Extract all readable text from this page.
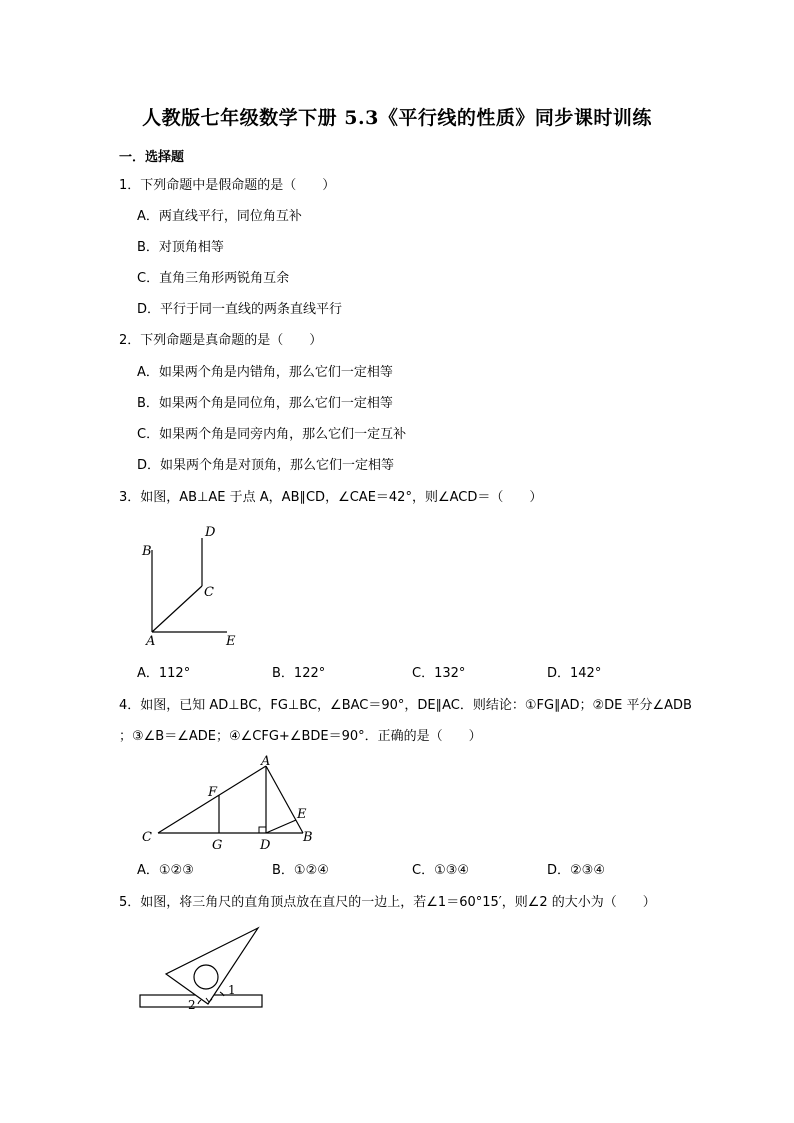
人教版七年级数学下册 5.3《平行线的性质》同步课时训练
一．选择题
1．下列命题中是假命题的是（　　）
A．两直线平行，同位角互补
B．对顶角相等
C．直角三角形两锐角互余
D．平行于同一直线的两条直线平行
2．下列命题是真命题的是（　　）
A．如果两个角是内错角，那么它们一定相等
B．如果两个角是同位角，那么它们一定相等
C．如果两个角是同旁内角，那么它们一定互补
D．如果两个角是对顶角，那么它们一定相等
3．如图，AB⊥AE 于点 A，AB∥CD，∠CAE＝42°，则∠ACD＝（　　）
B
D
C
A	E
A．112°	B．122°	C．132°	D．142°
4．如图，已知 AD⊥BC，FG⊥BC，∠BAC＝90°，DE∥AC．则结论：①FG∥AD；②DE 平分∠ADB
；③∠B＝∠ADE；④∠CFG+∠BDE＝90°．正确的是（　　）
A
F
E
C
G	D
B
A．①②③	B．①②④	C．①③④	D．②③④
5．如图，将三角尺的直角顶点放在直尺的一边上，若∠1＝60°15′，则∠2 的大小为（　　）
1
2
